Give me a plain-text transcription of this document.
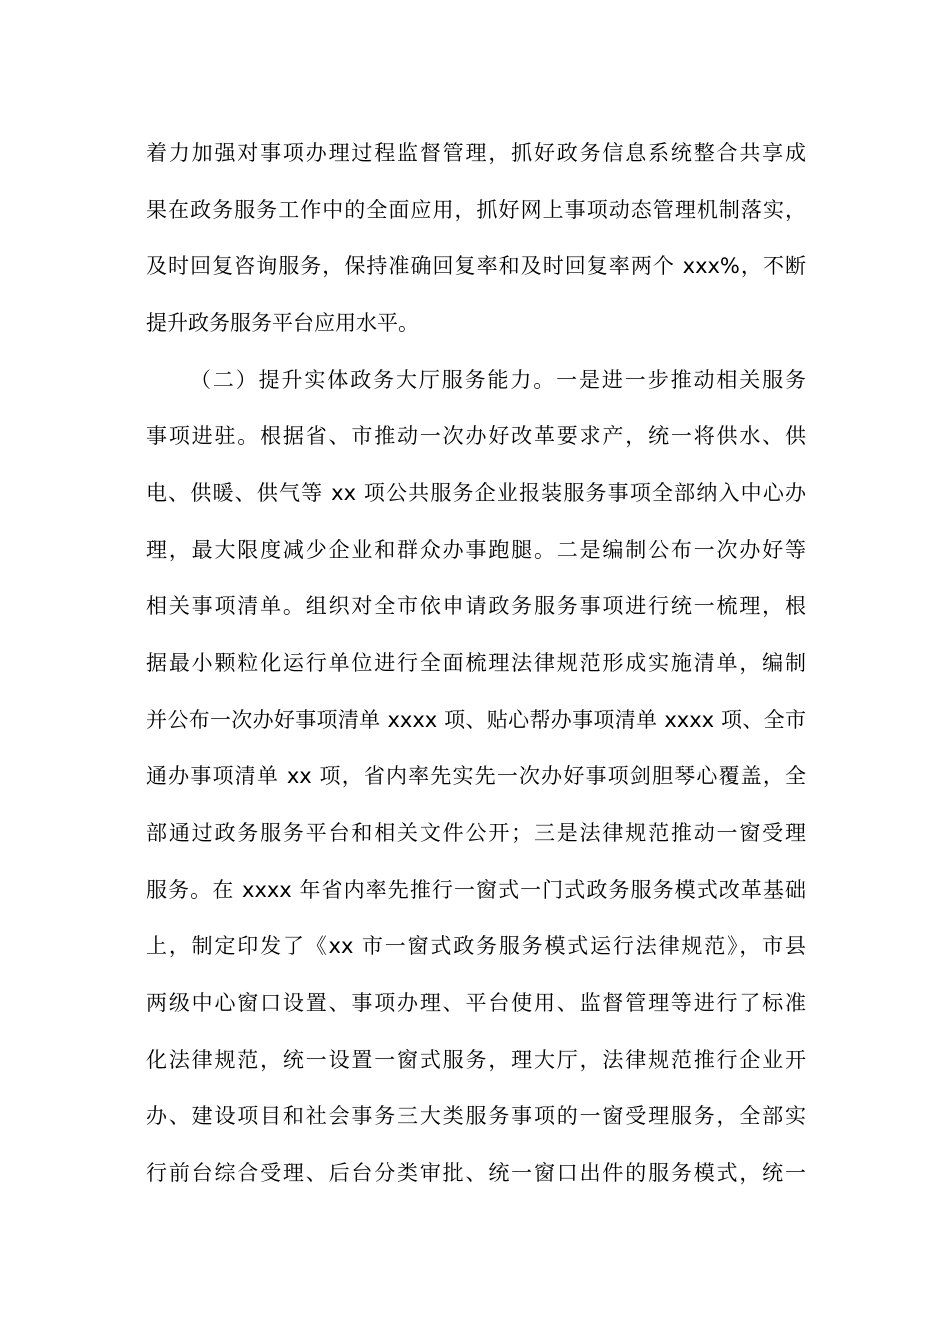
着力加强对事项办理过程监督管理，抓好政务信息系统整合共享成
果在政务服务工作中的全面应用，抓好网上事项动态管理机制落实，
及时回复咨询服务，保持准确回复率和及时回复率两个 xxx%，不断
提升政务服务平台应用水平。
（二）提升实体政务大厅服务能力。一是进一步推动相关服务
事项进驻。根据省、市推动一次办好改革要求产，统一将供水、供
电、供暖、供气等 xx 项公共服务企业报装服务事项全部纳入中心办
理，最大限度减少企业和群众办事跑腿。二是编制公布一次办好等
相关事项清单。组织对全市依申请政务服务事项进行统一梳理，根
据最小颗粒化运行单位进行全面梳理法律规范形成实施清单，编制
并公布一次办好事项清单 xxxx 项、贴心帮办事项清单 xxxx 项、全市
通办事项清单 xx 项，省内率先实先一次办好事项剑胆琴心覆盖，全
部通过政务服务平台和相关文件公开；三是法律规范推动一窗受理
服务。在 xxxx 年省内率先推行一窗式一门式政务服务模式改革基础
上，制定印发了《xx 市一窗式政务服务模式运行法律规范》，市县
两级中心窗口设置、事项办理、平台使用、监督管理等进行了标准
化法律规范，统一设置一窗式服务，理大厅，法律规范推行企业开
办、建设项目和社会事务三大类服务事项的一窗受理服务，全部实
行前台综合受理、后台分类审批、统一窗口出件的服务模式，统一
